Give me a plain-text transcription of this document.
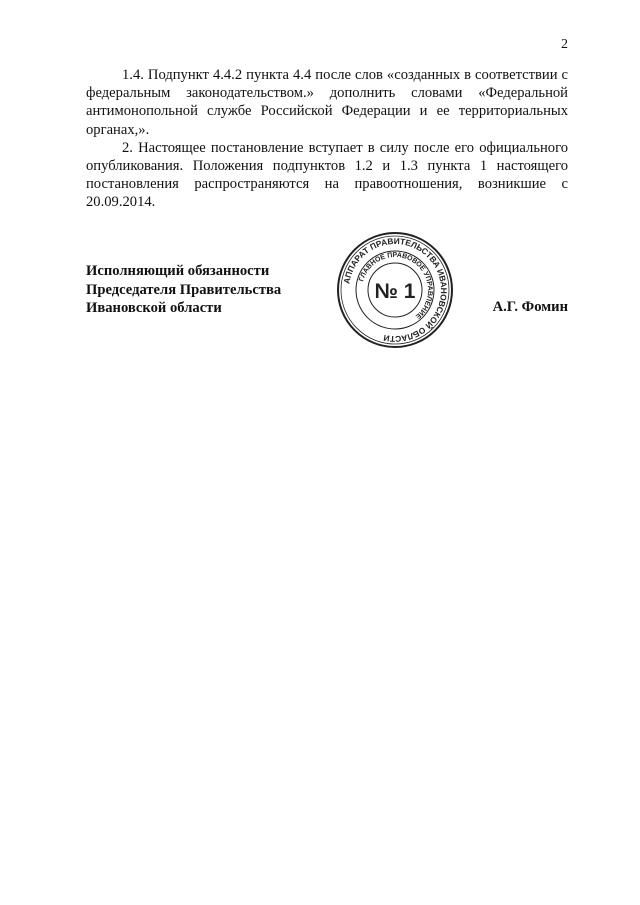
2

1.4. Подпункт 4.4.2 пункта 4.4 после слов «созданных в соответствии с федеральным законодательством.» дополнить словами «Федеральной антимонопольной службе Российской Федерации и ее территориальных органах,».

2. Настоящее постановление вступает в силу после его официального опубликования. Положения подпунктов 1.2 и 1.3 пункта 1 настоящего постановления распространяются на правоотношения, возникшие с 20.09.2014.

Исполняющий обязанности
Председателя Правительства
Ивановской области
АППАРАТ ПРАВИТЕЛЬСТВА ИВАНОВСКОЙ ОБЛАСТИ
ГЛАВНОЕ ПРАВОВОЕ УПРАВЛЕНИЕ
№ 1
А.Г. Фомин
